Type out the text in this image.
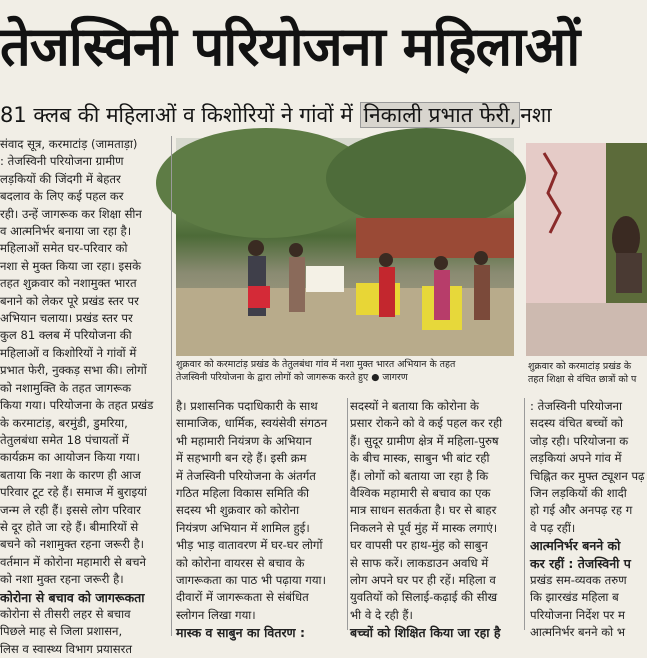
तेजस्विनी परियोजना महिलाओं
81 क्लब की महिलाओं व किशोरियों ने गांवों में निकाली प्रभात फेरी, नशा

संवाद सूत्र, करमाटांड़ (जामताड़ा)

: तेजस्विनी परियोजना ग्रामीण

लड़कियों की जिंदगी में बेहतर

बदलाव के लिए कई पहल कर

रही। उन्हें जागरूक कर शिक्षा सीन

व आत्मनिर्भर बनाया जा रहा है।

महिलाओं समेत घर-परिवार को

नशा से मुक्त किया जा रहा। इसके

तहत शुक्रवार को नशामुक्त भारत

बनाने को लेकर पूरे प्रखंड स्तर पर

अभियान चलाया। प्रखंड स्तर पर

कुल 81 क्लब में परियोजना की

महिलाओं व किशोरियों ने गांवों में

प्रभात फेरी, नुक्कड़ सभा की। लोगों

को नशामुक्ति के तहत जागरूक

किया गया। परियोजना के तहत प्रखंड

के करमाटांड़, बरमुंडी, डुमरिया,

तेतुलबंधा समेत 18 पंचायतों में

कार्यक्रम का आयोजन किया गया।

बताया कि नशा के कारण ही आज

परिवार टूट रहे हैं। समाज में बुराइयां

जन्म ले रही हैं। इससे लोग परिवार

से दूर होते जा रहे हैं। बीमारियों से

बचने को नशामुक्त रहना जरूरी है।

वर्तमान में कोरोना महामारी से बचने

को नशा मुक्त रहना जरूरी है।

कोरोना से बचाव को जागरूकता

कोरोना से तीसरी लहर से बचाव

पिछले माह से जिला प्रशासन,

लिस व स्वास्थ्य विभाग प्रयासरत

शुक्रवार को करमाटांड़ प्रखंड के तेतुलबंधा गांव में नशा मुक्त भारत अभियान के तहत
तेजस्विनी परियोजना के द्वारा लोगों को जागरूक करते हुए ● जागरण
शुक्रवार को करमाटांड़ प्रखंड के
तहत शिक्षा से वंचित छात्रों को प

है। प्रशासनिक पदाधिकारी के साथ

सामाजिक, धार्मिक, स्वयंसेवी संगठन

भी महामारी नियंत्रण के अभियान

में सहभागी बन रहे हैं। इसी क्रम

में तेजस्विनी परियोजना के अंतर्गत

गठित महिला विकास समिति की

सदस्य भी शुक्रवार को कोरोना

नियंत्रण अभियान में शामिल हुई।

भीड़ भाड़ वातावरण में घर-घर लोगों

को कोरोना वायरस से बचाव के

जागरूकता का पाठ भी पढ़ाया गया।

दीवारों में जागरूकता से संबंधित

स्लोगन लिखा गया।

मास्क व साबुन का वितरण :

सदस्यों ने बताया कि कोरोना के

प्रसार रोकने को वे कई पहल कर रही

हैं। सुदूर ग्रामीण क्षेत्र में महिला-पुरुष

के बीच मास्क, साबुन भी बांट रही

हैं। लोगों को बताया जा रहा है कि

वैश्विक महामारी से बचाव का एक

मात्र साधन सतर्कता है। घर से बाहर

निकलने से पूर्व मुंह में मास्क लगाएं।

घर वापसी पर हाथ-मुंह को साबुन

से साफ करें। लाकडाउन अवधि में

लोग अपने घर पर ही रहें। महिला व

युवतियों को सिलाई-कढ़ाई की सीख

भी वे दे रही हैं।

बच्चों को शिक्षित किया जा रहा है

: तेजस्विनी परियोजना

सदस्य वंचित बच्चों को

जोड़ रही। परियोजना क

लड़कियां अपने गांव में

चिह्नित कर मुफ्त ट्यूशन पढ़

जिन लड़कियों की शादी

हो गई और अनपढ़ रह ग

वे पढ़ रहीं।

आत्मनिर्भर बनने को

कर रहीं : तेजस्विनी प

प्रखंड सम-व्यवक तरुण

कि झारखंड महिला ब

परियोजना निर्देश पर म

आत्मनिर्भर बनने को भ
